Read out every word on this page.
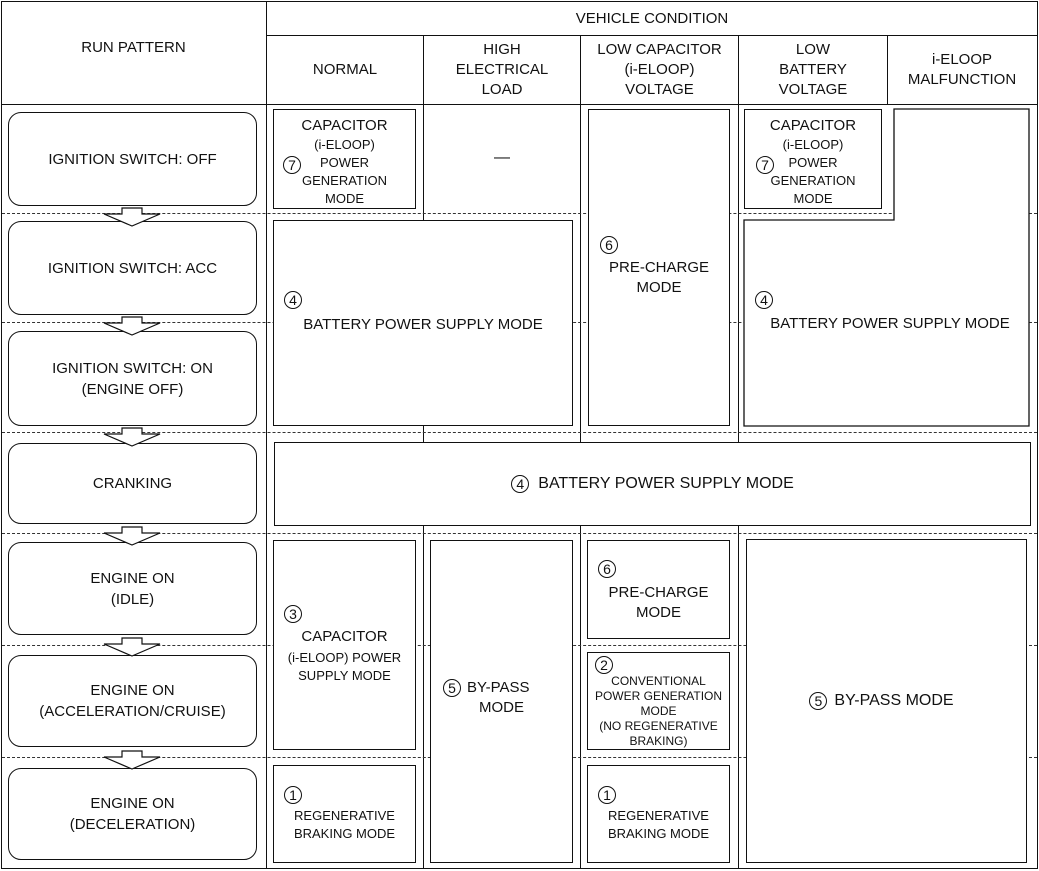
RUN PATTERN
VEHICLE CONDITION
NORMAL
HIGH
ELECTRICAL
LOAD
LOW CAPACITOR
(i-ELOOP)
VOLTAGE
LOW
BATTERY
VOLTAGE
i-ELOOP
MALFUNCTION
IGNITION SWITCH: OFF
IGNITION SWITCH: ACC
IGNITION SWITCH: ON
(ENGINE OFF)
CRANKING
ENGINE ON
(IDLE)
ENGINE ON
(ACCELERATION/CRUISE)
ENGINE ON
(DECELERATION)
CAPACITOR
7
(i-ELOOP)
POWER
GENERATION
MODE
—
6
PRE-CHARGE
MODE
CAPACITOR
7
(i-ELOOP)
POWER
GENERATION
MODE
4
BATTERY POWER SUPPLY MODE
4
BATTERY POWER SUPPLY MODE
4 BATTERY POWER SUPPLY MODE
3
CAPACITOR
(i-ELOOP) POWER
SUPPLY MODE
5 BY-PASS
MODE
6
PRE-CHARGE
MODE
2
CONVENTIONAL
POWER GENERATION
MODE
(NO REGENERATIVE
BRAKING)
5 BY-PASS MODE
1
REGENERATIVE
BRAKING MODE
1
REGENERATIVE
BRAKING MODE
